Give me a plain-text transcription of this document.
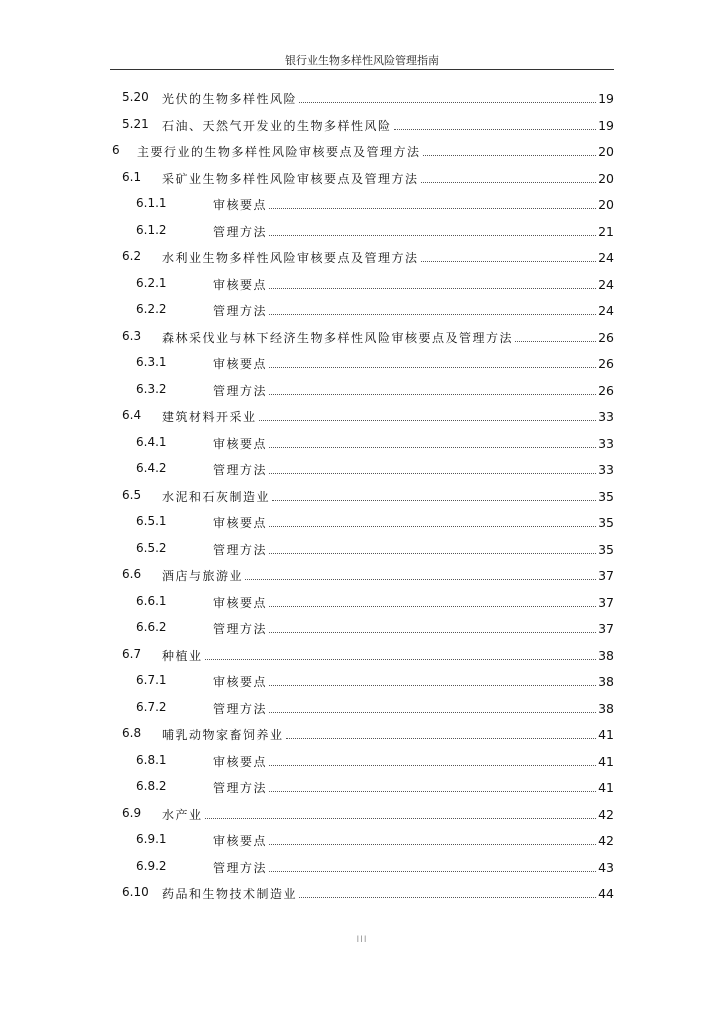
银行业生物多样性风险管理指南
5.20 光伏的生物多样性风险	19
5.21 石油、天然气开发业的生物多样性风险	19
6 主要行业的生物多样性风险审核要点及管理方法	20
6.1 采矿业生物多样性风险审核要点及管理方法	20
6.1.1	审核要点	20
6.1.2	管理方法	21
6.2 水利业生物多样性风险审核要点及管理方法	24
6.2.1	审核要点	24
6.2.2	管理方法	24
6.3 森林采伐业与林下经济生物多样性风险审核要点及管理方法	26
6.3.1	审核要点	26
6.3.2	管理方法	26
6.4 建筑材料开采业	33
6.4.1	审核要点	33
6.4.2	管理方法	33
6.5 水泥和石灰制造业	35
6.5.1	审核要点	35
6.5.2	管理方法	35
6.6 酒店与旅游业	37
6.6.1	审核要点	37
6.6.2	管理方法	37
6.7 种植业	38
6.7.1	审核要点	38
6.7.2	管理方法	38
6.8 哺乳动物家畜饲养业	41
6.8.1	审核要点	41
6.8.2	管理方法	41
6.9 水产业	42
6.9.1	审核要点	42
6.9.2	管理方法	43
6.10 药品和生物技术制造业	44
III
